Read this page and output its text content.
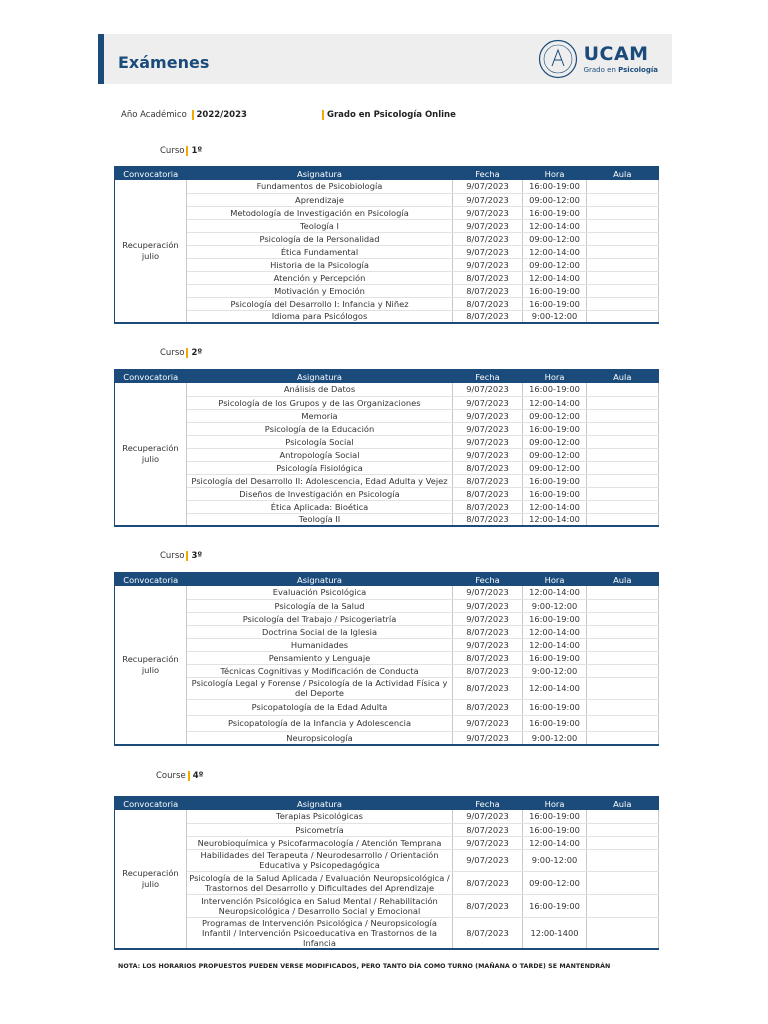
Exámenes	UCAM
Grado en Psicología
Año Académico 2022/2023	Grado en Psicología Online
Curso 1º
Curso 2º
Curso 3º
Course 4º
Convocatoria	Asignatura	Fecha	Hora	Aula

Recuperación
julio	Fundamentos de Psicobiología	9/07/2023	16:00-19:00	
	Aprendizaje	9/07/2023	09:00-12:00	
	Metodología de Investigación en Psicología	9/07/2023	16:00-19:00	
	Teología I	9/07/2023	12:00-14:00	
	Psicología de la Personalidad	8/07/2023	09:00-12:00	
	Ética Fundamental	9/07/2023	12:00-14:00	
	Historia de la Psicología	9/07/2023	09:00-12:00	
	Atención y Percepción	8/07/2023	12:00-14:00	
	Motivación y Emoción	8/07/2023	16:00-19:00	
	Psicología del Desarrollo I: Infancia y Niñez	8/07/2023	16:00-19:00	
	Idioma para Psicólogos	8/07/2023	9:00-12:00	
Convocatoria	Asignatura	Fecha	Hora	Aula

Recuperación
julio	Análisis de Datos	9/07/2023	16:00-19:00	
	Psicología de los Grupos y de las Organizaciones	9/07/2023	12:00-14:00	
	Memoria	9/07/2023	09:00-12:00	
	Psicología de la Educación	9/07/2023	16:00-19:00	
	Psicología Social	9/07/2023	09:00-12:00	
	Antropología Social	9/07/2023	09:00-12:00	
	Psicología Fisiológica	8/07/2023	09:00-12:00	
	Psicología del Desarrollo II: Adolescencia, Edad Adulta y Vejez	8/07/2023	16:00-19:00	
	Diseños de Investigación en Psicología	8/07/2023	16:00-19:00	
	Ética Aplicada: Bioética	8/07/2023	12:00-14:00	
	Teología II	8/07/2023	12:00-14:00	
Convocatoria	Asignatura	Fecha	Hora	Aula

Recuperación
julio	Evaluación Psicológica	9/07/2023	12:00-14:00	
	Psicología de la Salud	9/07/2023	9:00-12:00	
	Psicología del Trabajo / Psicogeriatría	9/07/2023	16:00-19:00	
	Doctrina Social de la Iglesia	8/07/2023	12:00-14:00	
	Humanidades	9/07/2023	12:00-14:00	
	Pensamiento y Lenguaje	8/07/2023	16:00-19:00	
	Técnicas Cognitivas y Modificación de Conducta	8/07/2023	9:00-12:00	
	Psicología Legal y Forense / Psicología de la Actividad Física y del Deporte	8/07/2023	12:00-14:00	
	Psicopatología de la Edad Adulta	8/07/2023	16:00-19:00	
	Psicopatología de la Infancia y Adolescencia	9/07/2023	16:00-19:00	
	Neuropsicología	9/07/2023	9:00-12:00	
Convocatoria	Asignatura	Fecha	Hora	Aula

Recuperación
julio	Terapias Psicológicas	9/07/2023	16:00-19:00	
	Psicometría	8/07/2023	16:00-19:00	
	Neurobioquímica y Psicofarmacología / Atención Temprana	9/07/2023	12:00-14:00	
	Habilidades del Terapeuta / Neurodesarrollo / Orientación Educativa y Psicopedagógica	9/07/2023	9:00-12:00	
	Psicología de la Salud Aplicada / Evaluación Neuropsicológica / Trastornos del Desarrollo y Dificultades del Aprendizaje	8/07/2023	09:00-12:00	
	Intervención Psicológica en Salud Mental / Rehabilitación Neuropsicológica / Desarrollo Social y Emocional	8/07/2023	16:00-19:00	
	Programas de Intervención Psicológica / Neuropsicología Infantil / Intervención Psicoeducativa en Trastornos de la Infancia	8/07/2023	12:00-1400	
NOTA: LOS HORARIOS PROPUESTOS PUEDEN VERSE MODIFICADOS, PERO TANTO DÍA COMO TURNO (MAÑANA O TARDE) SE MANTENDRÁN
